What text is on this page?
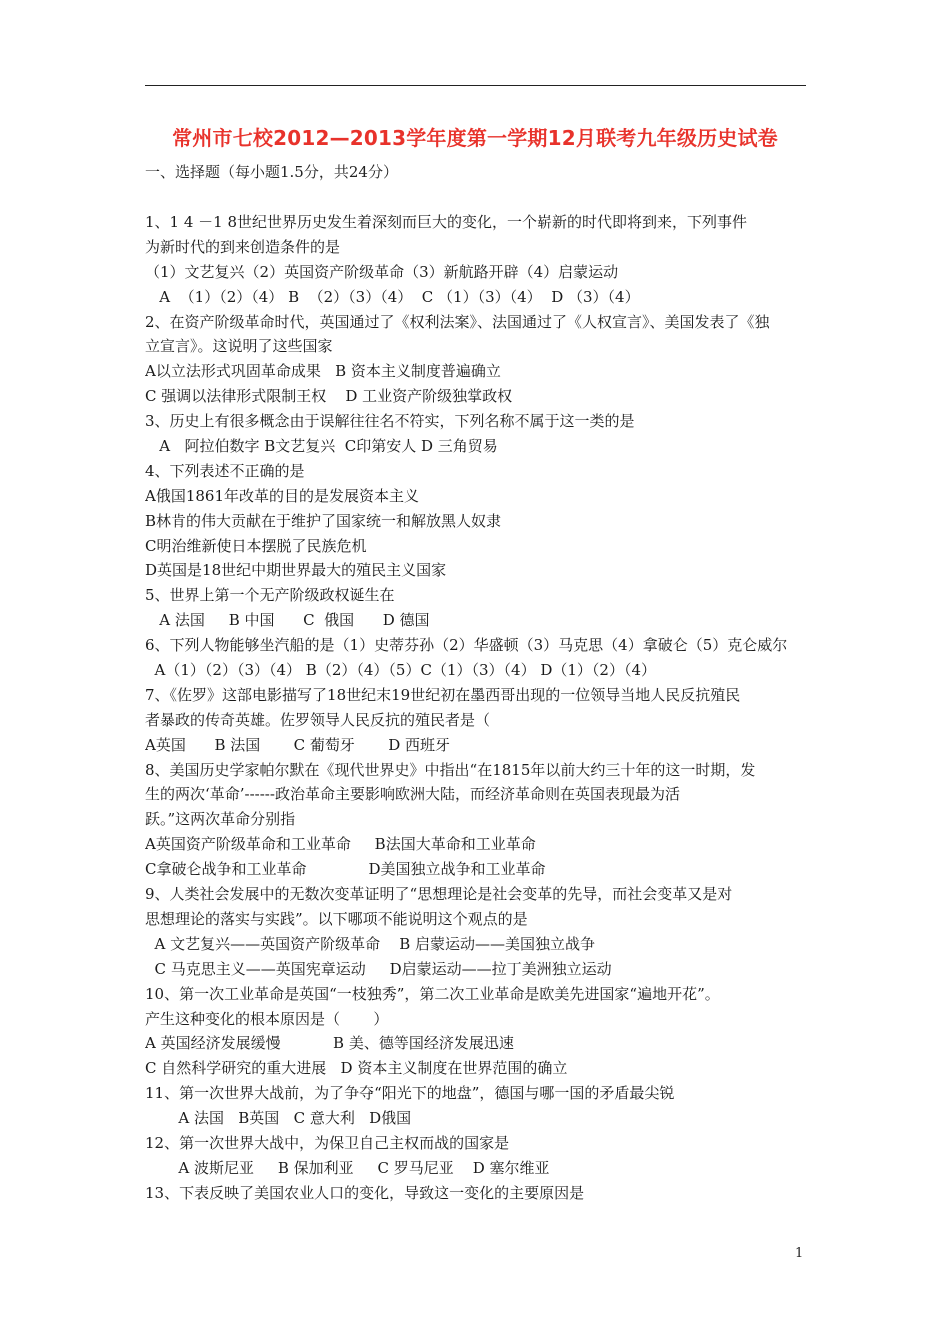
常州市七校2012—2013学年度第一学期12月联考九年级历史试卷
一、选择题（每小题1.5分，共24分）
1、1 4 －1 8世纪世界历史发生着深刻而巨大的变化，一个崭新的时代即将到来，下列事件
为新时代的到来创造条件的是
（1）文艺复兴（2）英国资产阶级革命（3）新航路开辟（4）启蒙运动
A  （1）（2）（4） B  （2）（3）（4）  C （1）（3）（4）  D （3）（4）
2、在资产阶级革命时代，英国通过了《权利法案》、法国通过了《人权宣言》、美国发表了《独
立宣言》。这说明了这些国家
A以立法形式巩固革命成果   B 资本主义制度普遍确立
C 强调以法律形式限制王权    D 工业资产阶级独掌政权
3、历史上有很多概念由于误解往往名不符实，下列名称不属于这一类的是
A   阿拉伯数字 B文艺复兴  C印第安人 D 三角贸易
4、下列表述不正确的是
A俄国1861年改革的目的是发展资本主义
B林肯的伟大贡献在于维护了国家统一和解放黑人奴隶
C明治维新使日本摆脱了民族危机
D英国是18世纪中期世界最大的殖民主义国家
5、世界上第一个无产阶级政权诞生在
A 法国     B 中国      C  俄国      D 德国
6、下列人物能够坐汽船的是（1）史蒂芬孙（2）华盛顿（3）马克思（4）拿破仑（5）克仑威尔
A（1）（2）（3）（4） B（2）（4）（5）C（1）（3）（4） D（1）（2）（4）
7、《佐罗》这部电影描写了18世纪末19世纪初在墨西哥出现的一位领导当地人民反抗殖民
者暴政的传奇英雄。佐罗领导人民反抗的殖民者是（
A英国      B 法国       C 葡萄牙       D 西班牙
8、美国历史学家帕尔默在《现代世界史》中指出“在1815年以前大约三十年的这一时期，发
生的两次‘革命’------政治革命主要影响欧洲大陆，而经济革命则在英国表现最为活
跃。”这两次革命分别指
A英国资产阶级革命和工业革命     B法国大革命和工业革命
C拿破仑战争和工业革命             D美国独立战争和工业革命
9、人类社会发展中的无数次变革证明了“思想理论是社会变革的先导，而社会变革又是对
思想理论的落实与实践”。以下哪项不能说明这个观点的是
A 文艺复兴——英国资产阶级革命    B 启蒙运动——美国独立战争
C 马克思主义——英国宪章运动     D启蒙运动——拉丁美洲独立运动
10、第一次工业革命是英国“一枝独秀”，第二次工业革命是欧美先进国家“遍地开花”。
产生这种变化的根本原因是（       ）
A 英国经济发展缓慢           B 美、德等国经济发展迅速
C 自然科学研究的重大进展   D 资本主义制度在世界范围的确立
11、第一次世界大战前，为了争夺“阳光下的地盘”，德国与哪一国的矛盾最尖锐
A 法国   B英国   C 意大利   D俄国
12、第一次世界大战中，为保卫自己主权而战的国家是
A 波斯尼亚     B 保加利亚     C 罗马尼亚    D 塞尔维亚
13、下表反映了美国农业人口的变化，导致这一变化的主要原因是
1
